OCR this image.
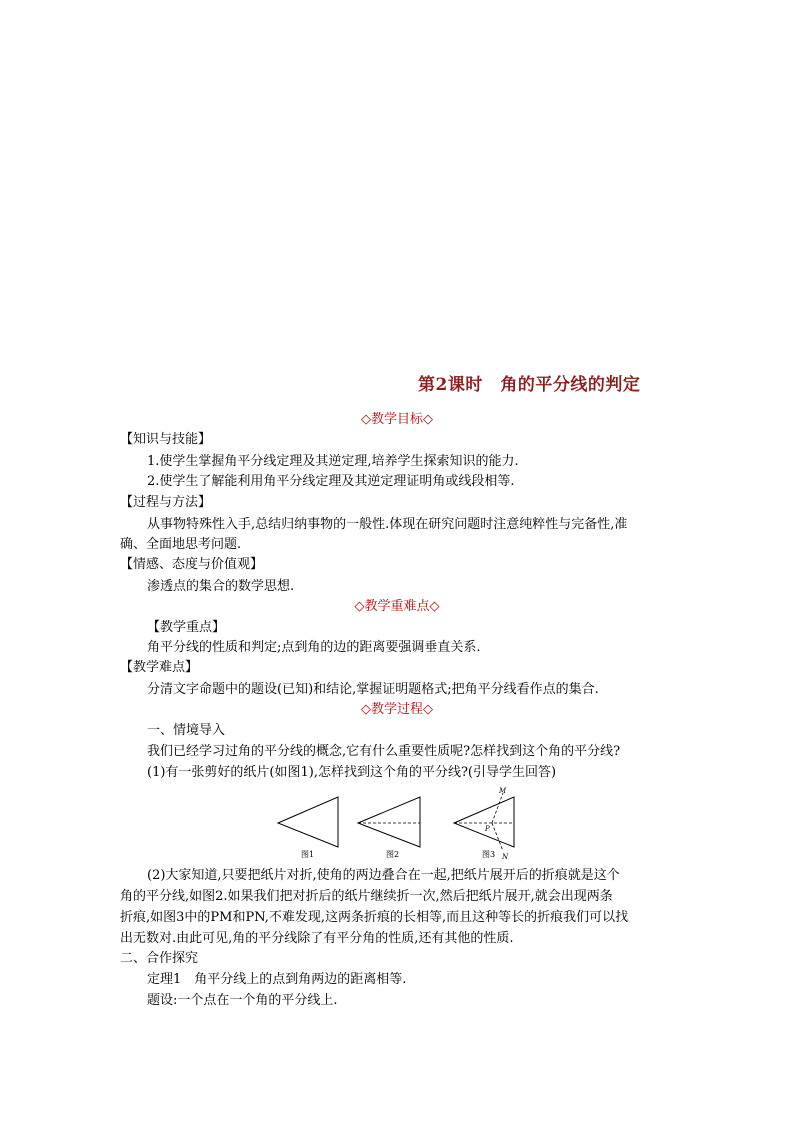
第2课时　角的平分线的判定
◇教学目标◇
【知识与技能】
1.使学生掌握角平分线定理及其逆定理,培养学生探索知识的能力.
2.使学生了解能利用角平分线定理及其逆定理证明角或线段相等.
【过程与方法】
从事物特殊性入手,总结归纳事物的一般性.体现在研究问题时注意纯粹性与完备性,准
确、全面地思考问题.
【情感、态度与价值观】
渗透点的集合的数学思想.
◇教学重难点◇
【教学重点】
角平分线的性质和判定;点到角的边的距离要强调垂直关系.
【教学难点】
分清文字命题中的题设(已知)和结论,掌握证明题格式;把角平分线看作点的集合.
◇教学过程◇
一、情境导入
我们已经学习过角的平分线的概念,它有什么重要性质呢?怎样找到这个角的平分线?
(1)有一张剪好的纸片(如图1),怎样找到这个角的平分线?(引导学生回答)
图1	图2
M
P
N
图3
(2)大家知道,只要把纸片对折,使角的两边叠合在一起,把纸片展开后的折痕就是这个
角的平分线,如图2.如果我们把对折后的纸片继续折一次,然后把纸片展开,就会出现两条
折痕,如图3中的PM和PN,不难发现,这两条折痕的长相等,而且这种等长的折痕我们可以找
出无数对.由此可见,角的平分线除了有平分角的性质,还有其他的性质.
二、合作探究
定理1　角平分线上的点到角两边的距离相等.
题设:一个点在一个角的平分线上.
